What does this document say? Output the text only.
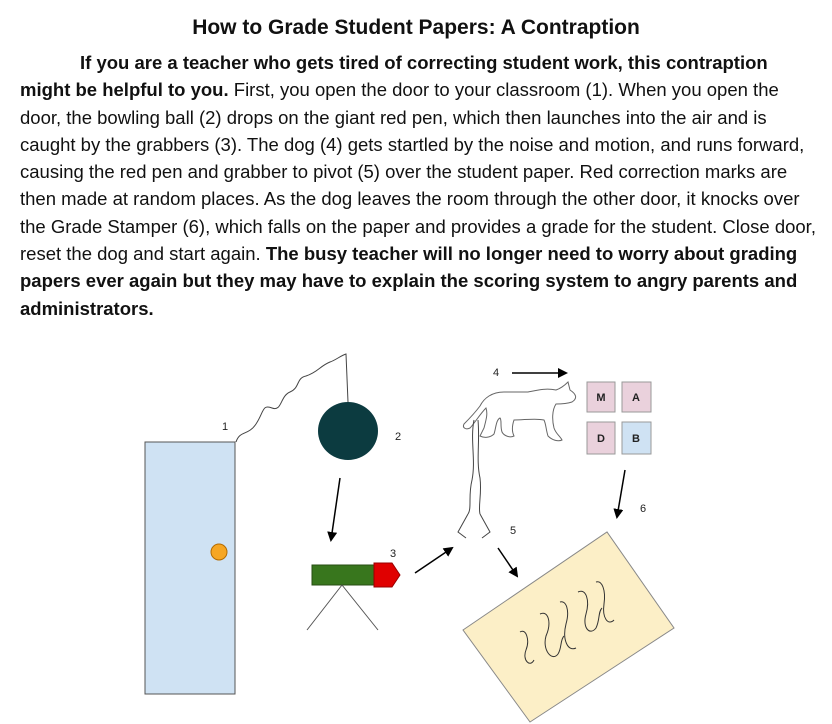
How to Grade Student Papers: A Contraption

If you are a teacher who gets tired of correcting student work, this contraption might be helpful to you. First, you open the door to your classroom (1). When you open the door, the bowling ball (2) drops on the giant red pen, which then launches into the air and is caught by the grabbers (3). The dog (4) gets startled by the noise and motion, and runs forward, causing the red pen and grabber to pivot (5) over the student paper. Red correction marks are then made at random places. As the dog leaves the room through the other door, it knocks over the Grade Stamper (6), which falls on the paper and provides a grade for the student. Close door, reset the dog and start again. The busy teacher will no longer need to worry about grading papers ever again but they may have to explain the scoring system to angry parents and administrators.

1
2
3
4
5
M A
D B
6
